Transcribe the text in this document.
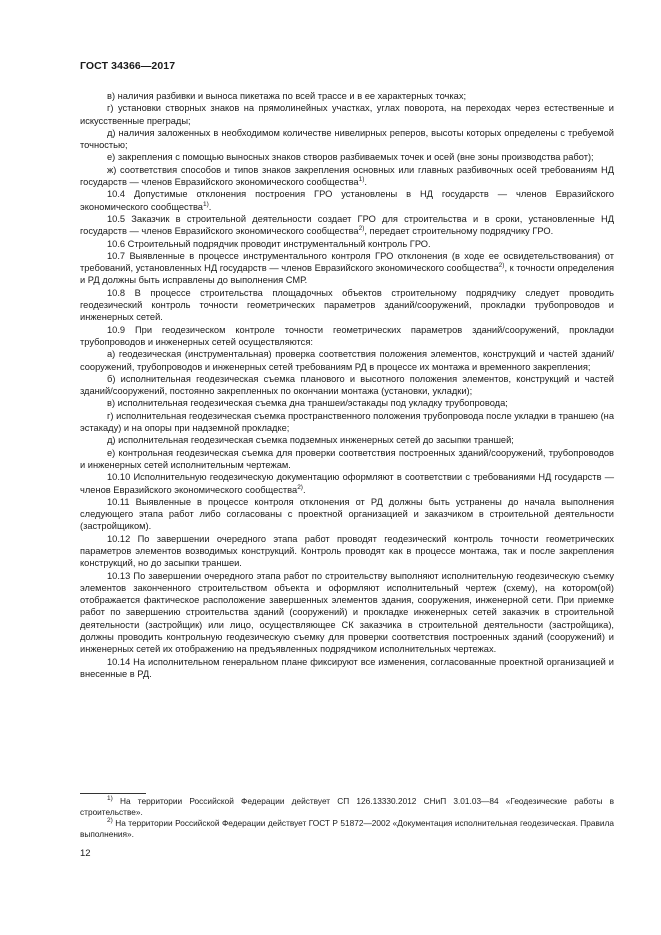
ГОСТ 34366—2017

в) наличия разбивки и выноса пикетажа по всей трассе и в ее характерных точках;

г) установки створных знаков на прямолинейных участках, углах поворота, на переходах через естественные и искусственные преграды;

д) наличия заложенных в необходимом количестве нивелирных реперов, высоты которых определены с требуемой точностью;

е) закрепления с помощью выносных знаков створов разбиваемых точек и осей (вне зоны производства работ);

ж) соответствия способов и типов знаков закрепления основных или главных разбивочных осей требованиям НД государств — членов Евразийского экономического сообщества$^{1)}$.

10.4 Допустимые отклонения построения ГРО установлены в НД государств — членов Евразийского экономического сообщества$^{1)}$.

10.5 Заказчик в строительной деятельности создает ГРО для строительства и в сроки, установленные НД государств — членов Евразийского экономического сообщества$^{2)}$, передает строительному подрядчику ГРО.

10.6 Строительный подрядчик проводит инструментальный контроль ГРО.

10.7 Выявленные в процессе инструментального контроля ГРО отклонения (в ходе ее освидетельствования) от требований, установленных НД государств — членов Евразийского экономического сообщества$^{2)}$, к точности определения и РД должны быть исправлены до выполнения СМР.

10.8 В процессе строительства площадочных объектов строительному подрядчику следует проводить геодезический контроль точности геометрических параметров зданий/сооружений, прокладки трубопроводов и инженерных сетей.

10.9 При геодезическом контроле точности геометрических параметров зданий/сооружений, прокладки трубопроводов и инженерных сетей осуществляются:

а) геодезическая (инструментальная) проверка соответствия положения элементов, конструкций и частей зданий/сооружений, трубопроводов и инженерных сетей требованиям РД в процессе их монтажа и временного закрепления;

б) исполнительная геодезическая съемка планового и высотного положения элементов, конструкций и частей зданий/сооружений, постоянно закрепленных по окончании монтажа (установки, укладки);

в) исполнительная геодезическая съемка дна траншеи/эстакады под укладку трубопровода;

г) исполнительная геодезическая съемка пространственного положения трубопровода после укладки в траншею (на эстакаду) и на опоры при надземной прокладке;

д) исполнительная геодезическая съемка подземных инженерных сетей до засыпки траншей;

е) контрольная геодезическая съемка для проверки соответствия построенных зданий/сооружений, трубопроводов и инженерных сетей исполнительным чертежам.

10.10 Исполнительную геодезическую документацию оформляют в соответствии с требованиями НД государств — членов Евразийского экономического сообщества$^{2)}$.

10.11 Выявленные в процессе контроля отклонения от РД должны быть устранены до начала выполнения следующего этапа работ либо согласованы с проектной организацией и заказчиком в строительной деятельности (застройщиком).

10.12 По завершении очередного этапа работ проводят геодезический контроль точности геометрических параметров элементов возводимых конструкций. Контроль проводят как в процессе монтажа, так и после закрепления конструкций, но до засыпки траншеи.

10.13 По завершении очередного этапа работ по строительству выполняют исполнительную геодезическую съемку элементов законченного строительством объекта и оформляют исполнительный чертеж (схему), на котором(ой) отображается фактическое расположение завершенных элементов здания, сооружения, инженерной сети. При приемке работ по завершению строительства зданий (сооружений) и прокладке инженерных сетей заказчик в строительной деятельности (застройщик) или лицо, осуществляющее СК заказчика в строительной деятельности (застройщика), должны проводить контрольную геодезическую съемку для проверки соответствия построенных зданий (сооружений) и инженерных сетей их отображению на предъявленных подрядчиком исполнительных чертежах.

10.14 На исполнительном генеральном плане фиксируют все изменения, согласованные проектной организацией и внесенные в РД.

$^{1)}$ На территории Российской Федерации действует СП 126.13330.2012 СНиП 3.01.03—84 «Геодезические работы в строительстве».

$^{2)}$ На территории Российской Федерации действует ГОСТ Р 51872—2002 «Документация исполнительная геодезическая. Правила выполнения».

12
